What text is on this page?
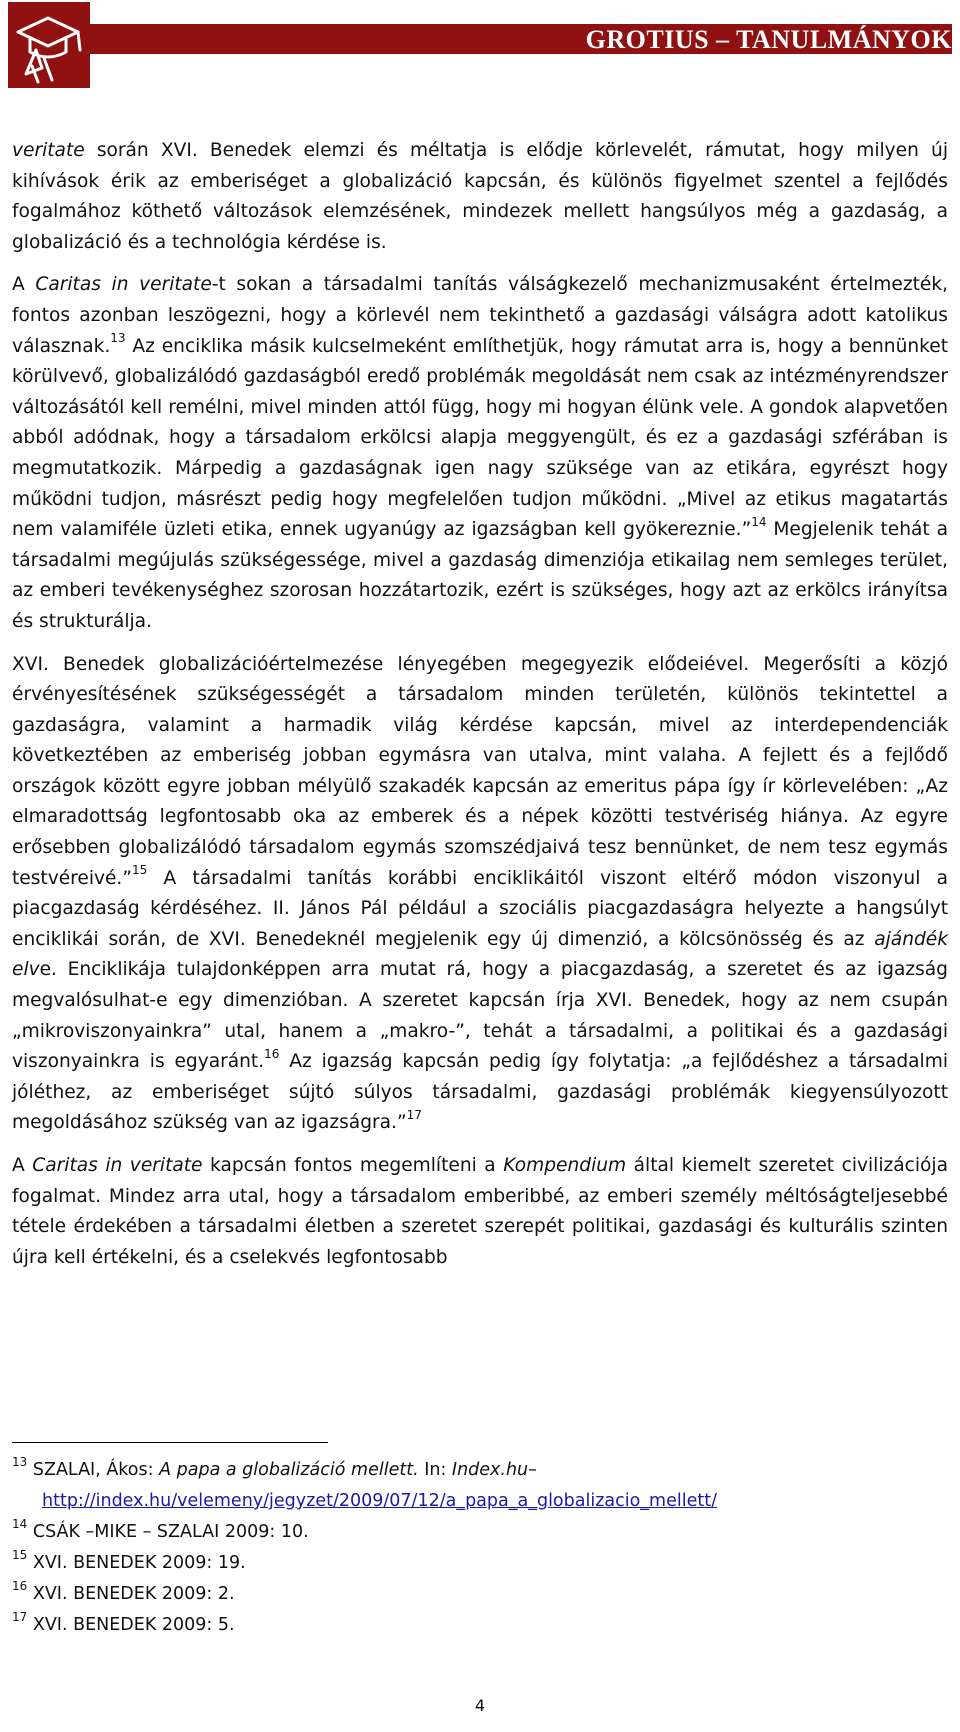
GROTIUS – TANULMÁNYOK

veritate során XVI. Benedek elemzi és méltatja is elődje körlevelét, rámutat, hogy milyen új kihívások érik az emberiséget a globalizáció kapcsán, és különös figyelmet szentel a fejlődés fogalmához köthető változások elemzésének, mindezek mellett hangsúlyos még a gazdaság, a globalizáció és a technológia kérdése is.

A Caritas in veritate-t sokan a társadalmi tanítás válságkezelő mechanizmusaként értelmezték, fontos azonban leszögezni, hogy a körlevél nem tekinthető a gazdasági válságra adott katolikus válasznak.$^{13}$ Az enciklika másik kulcselmeként említhetjük, hogy rámutat arra is, hogy a bennünket körülvevő, globalizálódó gazdaságból eredő problémák megoldását nem csak az intézményrendszer változásától kell remélni, mivel minden attól függ, hogy mi hogyan élünk vele. A gondok alapvetően abból adódnak, hogy a társadalom erkölcsi alapja meggyengült, és ez a gazdasági szférában is megmutatkozik. Márpedig a gazdaságnak igen nagy szüksége van az etikára, egyrészt hogy működni tudjon, másrészt pedig hogy megfelelően tudjon működni. „Mivel az etikus magatartás nem valamiféle üzleti etika, ennek ugyanúgy az igazságban kell gyökereznie.”$^{14}$ Megjelenik tehát a társadalmi megújulás szükségessége, mivel a gazdaság dimenziója etikailag nem semleges terület, az emberi tevékenységhez szorosan hozzátartozik, ezért is szükséges, hogy azt az erkölcs irányítsa és strukturálja.

XVI. Benedek globalizációértelmezése lényegében megegyezik elődeiével. Megerősíti a közjó érvényesítésének szükségességét a társadalom minden területén, különös tekintettel a gazdaságra, valamint a harmadik világ kérdése kapcsán, mivel az interdependenciák következtében az emberiség jobban egymásra van utalva, mint valaha. A fejlett és a fejlődő országok között egyre jobban mélyülő szakadék kapcsán az emeritus pápa így ír körlevelében: „Az elmaradottság legfontosabb oka az emberek és a népek közötti testvériség hiánya. Az egyre erősebben globalizálódó társadalom egymás szomszédjaivá tesz bennünket, de nem tesz egymás testvéreivé.”$^{15}$ A társadalmi tanítás korábbi enciklikáitól viszont eltérő módon viszonyul a piacgazdaság kérdéséhez. II. János Pál például a szociális piacgazdaságra helyezte a hangsúlyt enciklikái során, de XVI. Benedeknél megjelenik egy új dimenzió, a kölcsönösség és az ajándék elve. Enciklikája tulajdonképpen arra mutat rá, hogy a piacgazdaság, a szeretet és az igazság megvalósulhat-e egy dimenzióban. A szeretet kapcsán írja XVI. Benedek, hogy az nem csupán „mikroviszonyainkra” utal, hanem a „makro-”, tehát a társadalmi, a politikai és a gazdasági viszonyainkra is egyaránt.$^{16}$ Az igazság kapcsán pedig így folytatja: „a fejlődéshez a társadalmi jóléthez, az emberiséget sújtó súlyos társadalmi, gazdasági problémák kiegyensúlyozott megoldásához szükség van az igazságra.”$^{17}$

A Caritas in veritate kapcsán fontos megemlíteni a Kompendium által kiemelt szeretet civilizációja fogalmat. Mindez arra utal, hogy a társadalom emberibbé, az emberi személy méltóságteljesebbé tétele érdekében a társadalmi életben a szeretet szerepét politikai, gazdasági és kulturális szinten újra kell értékelni, és a cselekvés legfontosabb

$^{13}$ SZALAI, Ákos: A papa a globalizáció mellett. In: Index.hu–

http://index.hu/velemeny/jegyzet/2009/07/12/a_papa_a_globalizacio_mellett/

$^{14}$ CSÁK –MIKE – SZALAI 2009: 10.

$^{15}$ XVI. BENEDEK 2009: 19.

$^{16}$ XVI. BENEDEK 2009: 2.

$^{17}$ XVI. BENEDEK 2009: 5.

4
